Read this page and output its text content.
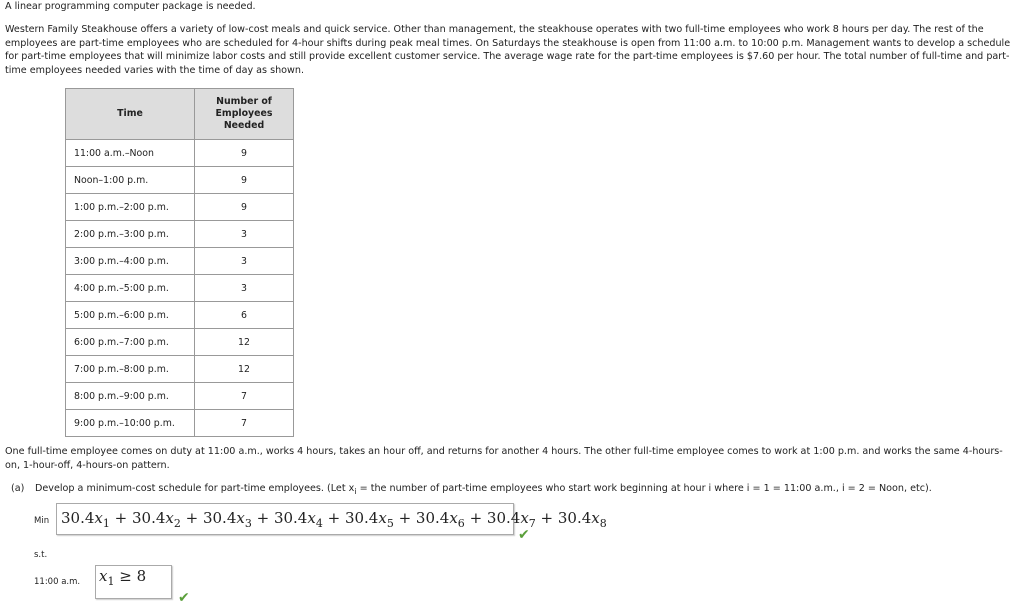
A linear programming computer package is needed.

Western Family Steakhouse offers a variety of low-cost meals and quick service. Other than management, the steakhouse operates with two full-time employees who work 8 hours per day. The rest of the employees are part-time employees who are scheduled for 4-hour shifts during peak meal times. On Saturdays the steakhouse is open from 11:00 a.m. to 10:00 p.m. Management wants to develop a schedule for part-time employees that will minimize labor costs and still provide excellent customer service. The average wage rate for the part-time employees is $7.60 per hour. The total number of full-time and part-time employees needed varies with the time of day as shown.

Time	Number of Employees Needed

11:00 a.m.–Noon	9
Noon–1:00 p.m.	9
1:00 p.m.–2:00 p.m.	9
2:00 p.m.–3:00 p.m.	3
3:00 p.m.–4:00 p.m.	3
4:00 p.m.–5:00 p.m.	3
5:00 p.m.–6:00 p.m.	6
6:00 p.m.–7:00 p.m.	12
7:00 p.m.–8:00 p.m.	12
8:00 p.m.–9:00 p.m.	7
9:00 p.m.–10:00 p.m.	7

One full-time employee comes on duty at 11:00 a.m., works 4 hours, takes an hour off, and returns for another 4 hours. The other full-time employee comes to work at 1:00 p.m. and works the same 4-hours-on, 1-hour-off, 4-hours-on pattern.

(a) Develop a minimum-cost schedule for part-time employees. (Let $x_i$ = the number of part-time employees who start work beginning at hour i where i = 1 = 11:00 a.m., i = 2 = Noon, etc).
Min $30.4x_1 + 30.4x_2 + 30.4x_3 + 30.4x_4 + 30.4x_5 + 30.4x_6 + 30.4x_7 + 30.4x_8$
✔
s.t.
11:00 a.m. $x_1 \ge 8$
✔
